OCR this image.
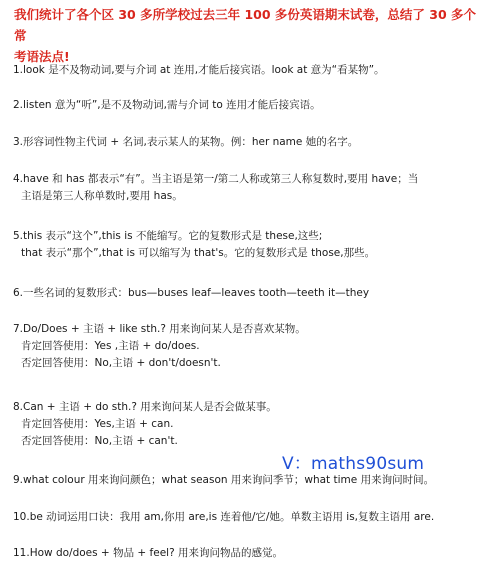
我们统计了各个区 30 多所学校过去三年 100 多份英语期末试卷，总结了 30 多个常
考语法点!
1.look 是不及物动词,要与介词 at 连用,才能后接宾语。look at 意为“看某物”。
2.listen 意为“听”,是不及物动词,需与介词 to 连用才能后接宾语。
3.形容词性物主代词 + 名词,表示某人的某物。例：her name 她的名字。
4.have 和 has 都表示“有”。当主语是第一/第二人称或第三人称复数时,要用 have；当
主语是第三人称单数时,要用 has。
5.this 表示“这个”,this is 不能缩写。它的复数形式是 these,这些;
that 表示“那个”,that is 可以缩写为 that's。它的复数形式是 those,那些。
6.一些名词的复数形式：bus—buses leaf—leaves tooth—teeth it—they
7.Do/Does + 主语 + like sth.? 用来询问某人是否喜欢某物。
肯定回答使用：Yes ,主语 + do/does.
否定回答使用：No,主语 + don't/doesn't.
8.Can + 主语 + do sth.? 用来询问某人是否会做某事。
肯定回答使用：Yes,主语 + can.
否定回答使用：No,主语 + can't.
V：maths90sum
9.what colour 用来询问颜色；what season 用来询问季节；what time 用来询问时间。
10.be 动词运用口诀：我用 am,你用 are,is 连着他/它/她。单数主语用 is,复数主语用 are.
11.How do/does + 物品 + feel? 用来询问物品的感觉。
